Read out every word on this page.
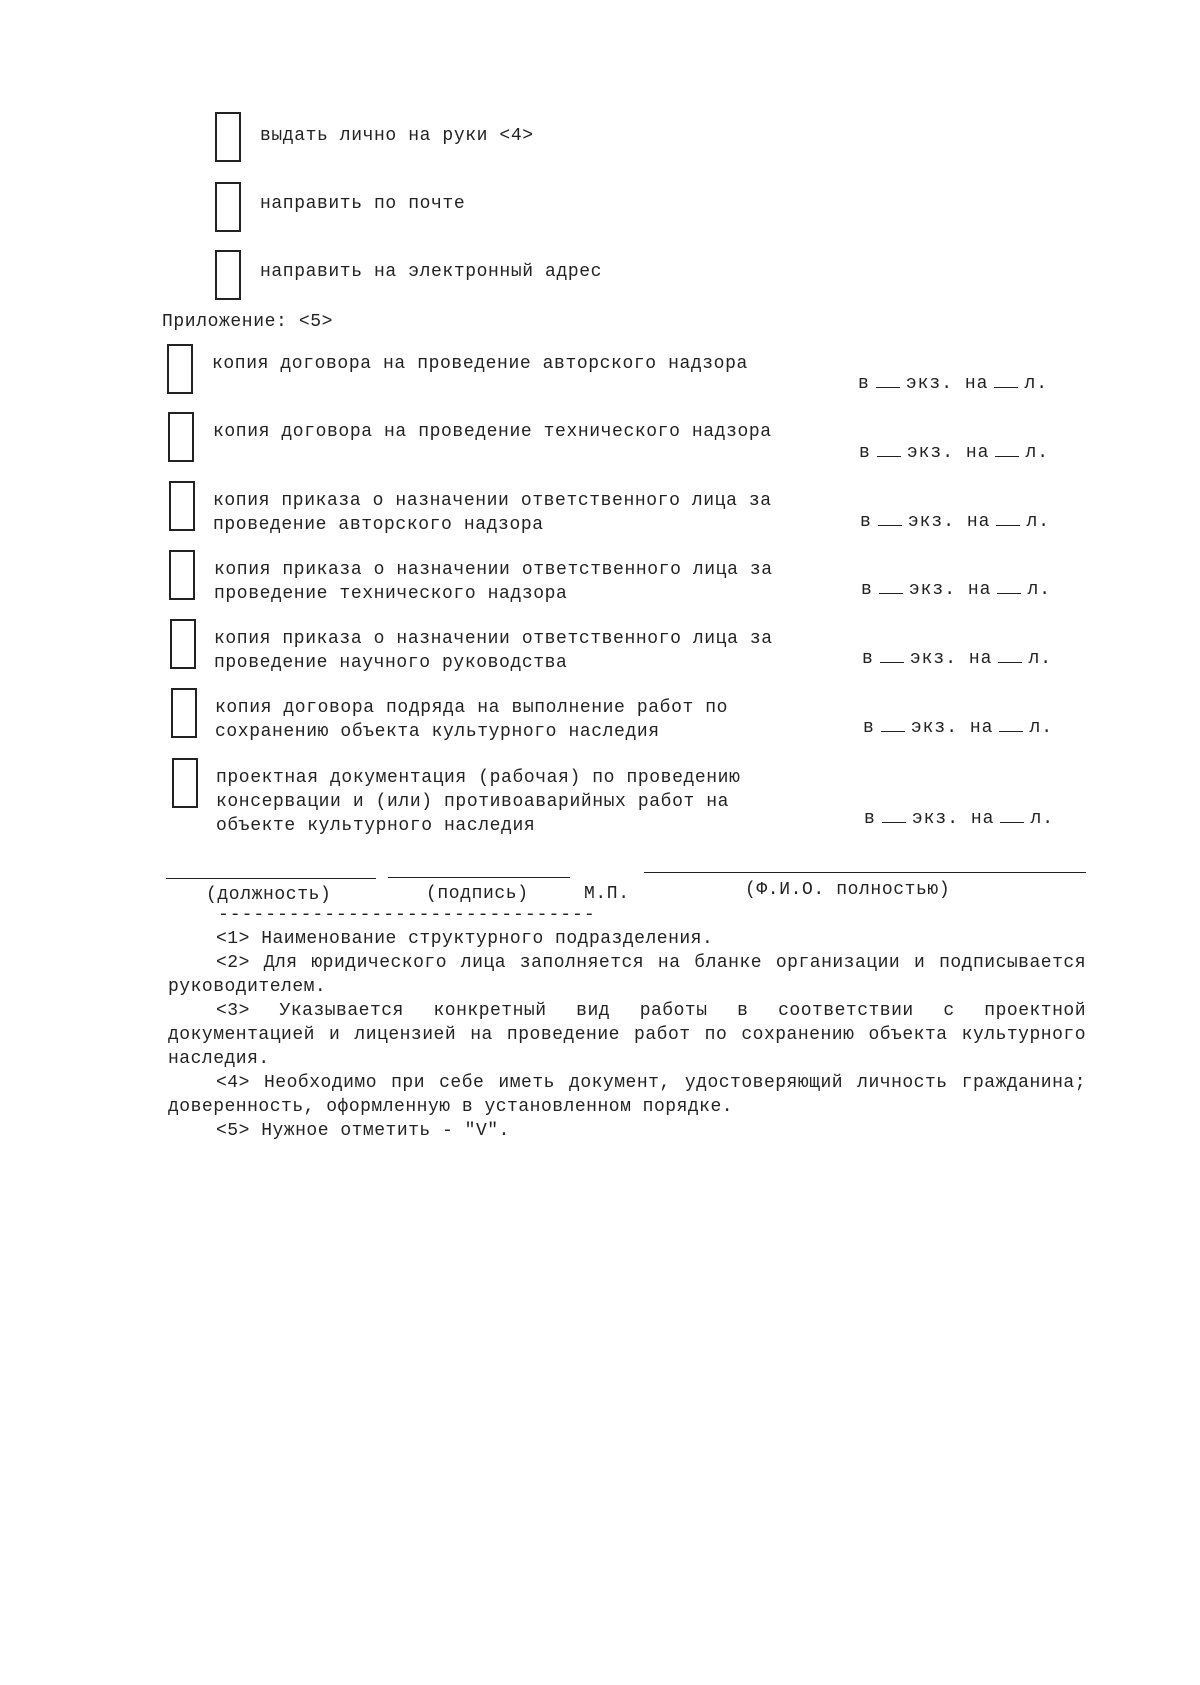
выдать лично на руки <4>
направить по почте
направить на электронный адрес
Приложение: <5>
копия договора на проведение авторского надзора
в экз. на л.
копия договора на проведение технического надзора
в экз. на л.
копия приказа о назначении ответственного лица за
проведение авторского надзора	в экз. на л.
копия приказа о назначении ответственного лица за
проведение технического надзора	в экз. на л.
копия приказа о назначении ответственного лица за
проведение научного руководства	в экз. на л.
копия договора подряда на выполнение работ по
сохранению объекта культурного наследия	в экз. на л.
проектная документация (рабочая) по проведению
консервации и (или) противоаварийных работ на
объекте культурного наследия	в экз. на л.
(должность)	(подпись)	М.П.	(Ф.И.О. полностью)
--------------------------------

<1> Наименование структурного подразделения.

<2> Для юридического лица заполняется на бланке организации и подписывается руководителем.

<3> Указывается конкретный вид работы в соответствии с проектной документацией и лицензией на проведение работ по сохранению объекта культурного наследия.

<4> Необходимо при себе иметь документ, удостоверяющий личность гражданина; доверенность, оформленную в установленном порядке.

<5> Нужное отметить - "V".
